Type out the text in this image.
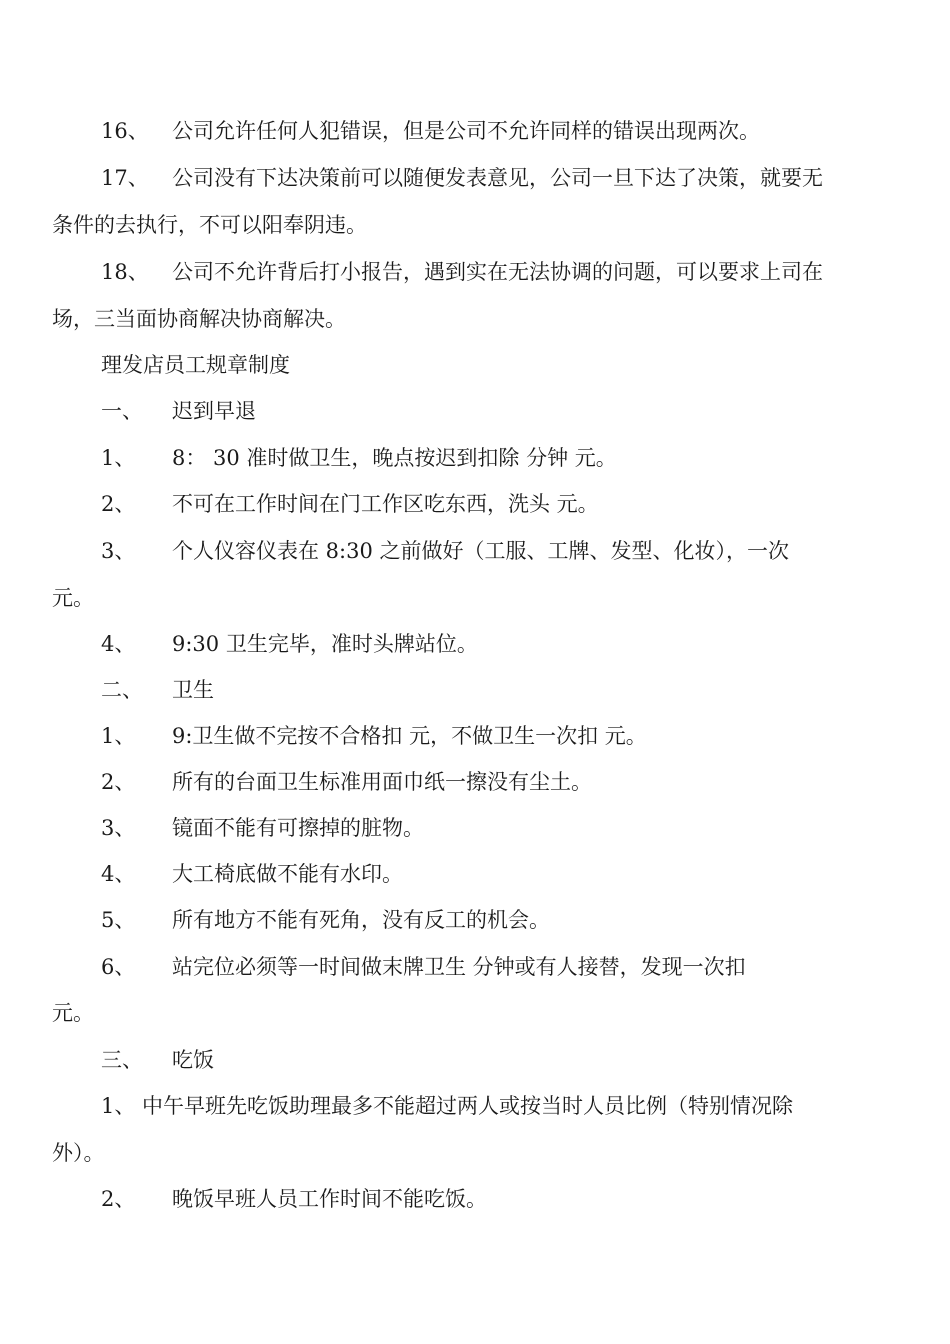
16、 公司允许任何人犯错误，但是公司不允许同样的错误出现两次。
17、 公司没有下达决策前可以随便发表意见，公司一旦下达了决策，就要无
条件的去执行，不可以阳奉阴违。
18、 公司不允许背后打小报告，遇到实在无法协调的问题，可以要求上司在
场，三当面协商解决协商解决。
理发店员工规章制度
一、 迟到早退
1、 8： 30 准时做卫生，晚点按迟到扣除 分钟 元。
2、 不可在工作时间在门工作区吃东西，洗头 元。
3、 个人仪容仪表在 8:30 之前做好（工服、工牌、发型、化妆），一次
元。
4、 9:30 卫生完毕，准时头牌站位。
二、 卫生
1、 9:卫生做不完按不合格扣 元，不做卫生一次扣 元。
2、 所有的台面卫生标准用面巾纸一擦没有尘土。
3、 镜面不能有可擦掉的脏物。
4、 大工椅底做不能有水印。
5、 所有地方不能有死角，没有反工的机会。
6、 站完位必须等一时间做末牌卫生 分钟或有人接替，发现一次扣
元。
三、 吃饭
1、 中午早班先吃饭助理最多不能超过两人或按当时人员比例（特别情况除
外）。
2、 晚饭早班人员工作时间不能吃饭。
